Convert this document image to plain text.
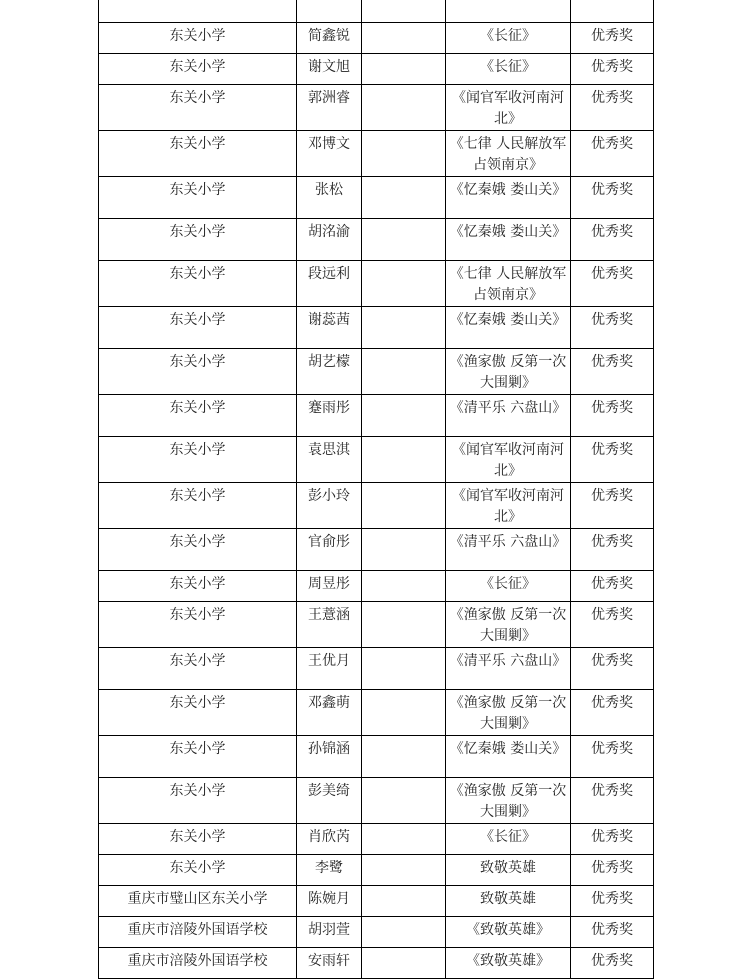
东关小学	简鑫锐		《长征》	优秀奖
东关小学	谢文旭		《长征》	优秀奖
东关小学	郭洲睿		《闻官军收河南河北》	优秀奖
东关小学	邓博文		《七律 人民解放军占领南京》	优秀奖
东关小学	张松		《忆秦娥 娄山关》	优秀奖
东关小学	胡洺渝		《忆秦娥 娄山关》	优秀奖
东关小学	段远利		《七律 人民解放军占领南京》	优秀奖
东关小学	谢蕊茜		《忆秦娥 娄山关》	优秀奖
东关小学	胡艺檬		《渔家傲 反第一次大围剿》	优秀奖
东关小学	蹇雨彤		《清平乐 六盘山》	优秀奖
东关小学	袁思淇		《闻官军收河南河北》	优秀奖
东关小学	彭小玲		《闻官军收河南河北》	优秀奖
东关小学	官俞彤		《清平乐 六盘山》	优秀奖
东关小学	周昱彤		《长征》	优秀奖
东关小学	王薏涵		《渔家傲 反第一次大围剿》	优秀奖
东关小学	王优月		《清平乐 六盘山》	优秀奖
东关小学	邓鑫萌		《渔家傲 反第一次大围剿》	优秀奖
东关小学	孙锦涵		《忆秦娥 娄山关》	优秀奖
东关小学	彭美绮		《渔家傲 反第一次大围剿》	优秀奖
东关小学	肖欣芮		《长征》	优秀奖
东关小学	李鹭		致敬英雄	优秀奖
重庆市璧山区东关小学	陈婉月		致敬英雄	优秀奖
重庆市涪陵外国语学校	胡羽萱		《致敬英雄》	优秀奖
重庆市涪陵外国语学校	安雨轩		《致敬英雄》	优秀奖
